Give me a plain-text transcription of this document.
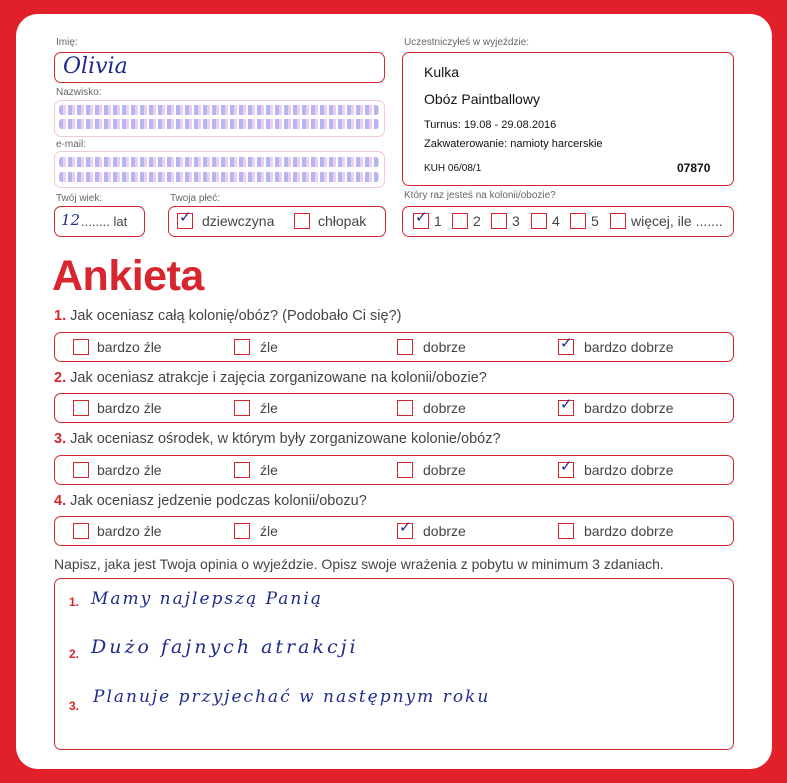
Imię:
Olivia
Nazwisko:
e-mail:
Twój wiek:
12 ........ lat
Twoja płeć:
✓ dziewczyna	chłopak
Uczestniczyłeś w wyjeździe:
Kulka
Obóz Paintballowy
Turnus: 19.08 - 29.08.2016
Zakwaterowanie: namioty harcerskie
KUH 06/08/1	07870
Który raz jesteś na kolonii/obozie?
✓ 1 2 3 4 5 więcej, ile .......
Ankieta
1. Jak oceniasz całą kolonię/obóz? (Podobało Ci się?)
bardzo źle	źle	dobrze	✓ bardzo dobrze
2. Jak oceniasz atrakcje i zajęcia zorganizowane na kolonii/obozie?
bardzo źle	źle	dobrze	✓ bardzo dobrze
3. Jak oceniasz ośrodek, w którym były zorganizowane kolonie/obóz?
bardzo źle	źle	dobrze	✓ bardzo dobrze
4. Jak oceniasz jedzenie podczas kolonii/obozu?
bardzo źle	źle	✓ dobrze	bardzo dobrze
Napisz, jaka jest Twoja opinia o wyjeździe. Opisz swoje wrażenia z pobytu w minimum 3 zdaniach.
1. Mamy najlepszą Panią
2. Dużo fajnych atrakcji
3. Planuje przyjechać w następnym roku
